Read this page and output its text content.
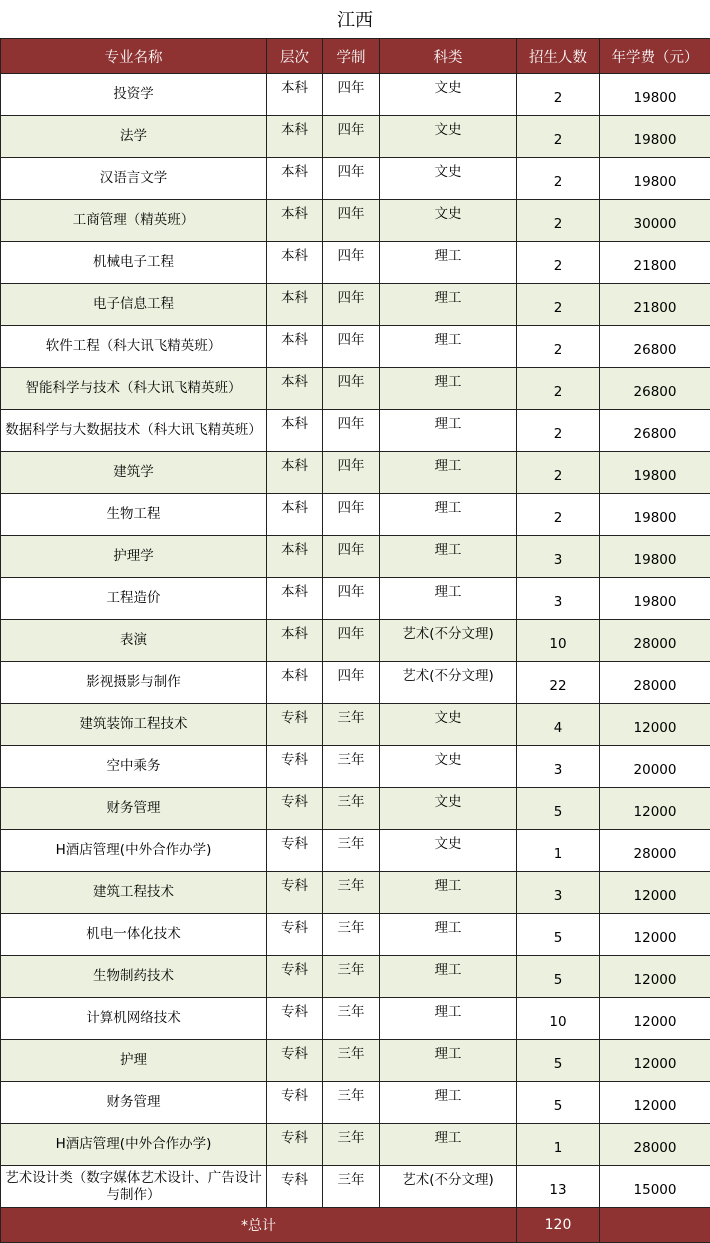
江西
专业名称	层次	学制	科类	招生人数	年学费（元）
投资学	本科	四年	文史	2	19800
法学	本科	四年	文史	2	19800
汉语言文学	本科	四年	文史	2	19800
工商管理（精英班）	本科	四年	文史	2	30000
机械电子工程	本科	四年	理工	2	21800
电子信息工程	本科	四年	理工	2	21800
软件工程（科大讯飞精英班）	本科	四年	理工	2	26800
智能科学与技术（科大讯飞精英班）	本科	四年	理工	2	26800
数据科学与大数据技术（科大讯飞精英班）	本科	四年	理工	2	26800
建筑学	本科	四年	理工	2	19800
生物工程	本科	四年	理工	2	19800
护理学	本科	四年	理工	3	19800
工程造价	本科	四年	理工	3	19800
表演	本科	四年	艺术(不分文理)	10	28000
影视摄影与制作	本科	四年	艺术(不分文理)	22	28000
建筑装饰工程技术	专科	三年	文史	4	12000
空中乘务	专科	三年	文史	3	20000
财务管理	专科	三年	文史	5	12000
H酒店管理(中外合作办学)	专科	三年	文史	1	28000
建筑工程技术	专科	三年	理工	3	12000
机电一体化技术	专科	三年	理工	5	12000
生物制药技术	专科	三年	理工	5	12000
计算机网络技术	专科	三年	理工	10	12000
护理	专科	三年	理工	5	12000
财务管理	专科	三年	理工	5	12000
H酒店管理(中外合作办学)	专科	三年	理工	1	28000
艺术设计类（数字媒体艺术设计、广告设计与制作）	专科	三年	艺术(不分文理)	13	15000
*总计				120	
